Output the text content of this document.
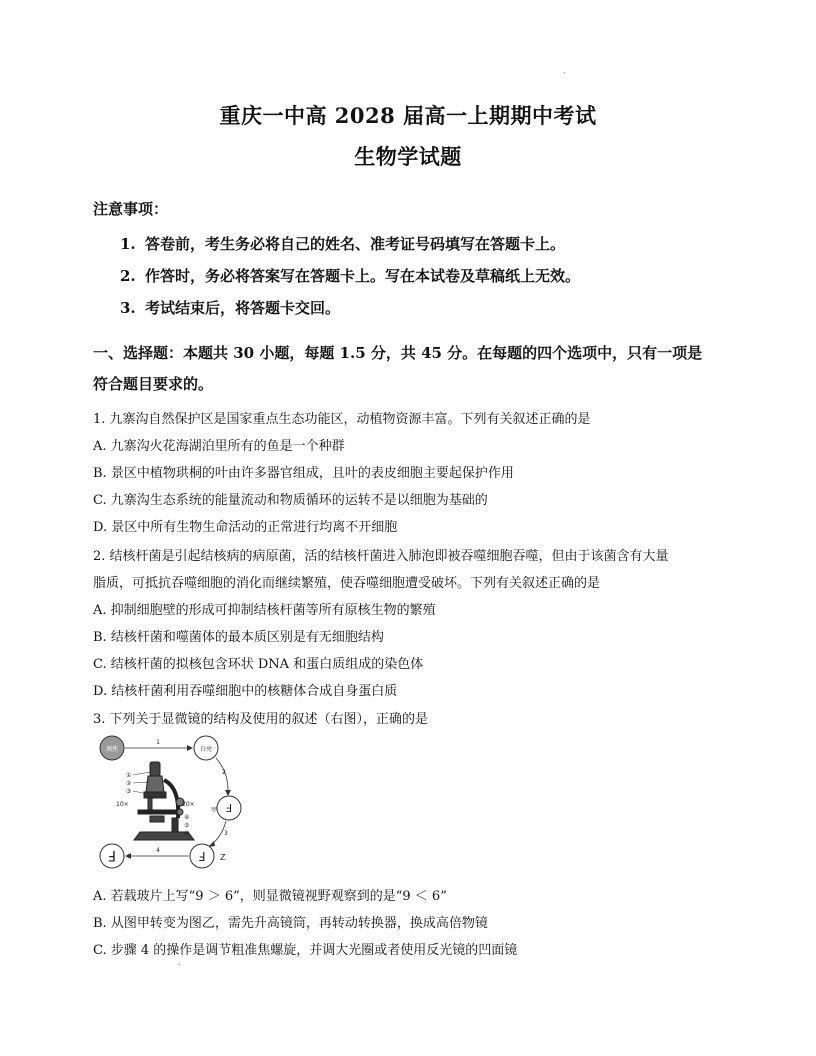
.
重庆一中高 2028 届高一上期期中考试
生物学试题
注意事项：
1. 答卷前，考生务必将自己的姓名、准考证号码填写在答题卡上。
2. 作答时，务必将答案写在答题卡上。写在本试卷及草稿纸上无效。
3. 考试结束后，将答题卡交回。
一、选择题：本题共 30 小题，每题 1.5 分，共 45 分。在每题的四个选项中，只有一项是
符合题目要求的。
1. 九寨沟自然保护区是国家重点生态功能区，动植物资源丰富。下列有关叙述正确的是
A. 九寨沟火花海湖泊里所有的鱼是一个种群
B. 景区中植物珙桐的叶由许多器官组成，且叶的表皮细胞主要起保护作用
C. 九寨沟生态系统的能量流动和物质循环的运转不是以细胞为基础的
D. 景区中所有生物生命活动的正常进行均离不开细胞
2. 结核杆菌是引起结核病的病原菌，活的结核杆菌进入肺泡即被吞噬细胞吞噬，但由于该菌含有大量
脂质，可抵抗吞噬细胞的消化而继续繁殖，使吞噬细胞遭受破坏。下列有关叙述正确的是
A. 抑制细胞壁的形成可抑制结核杆菌等所有原核生物的繁殖
B. 结核杆菌和噬菌体的最本质区别是有无细胞结构
C. 结核杆菌的拟核包含环状 DNA 和蛋白质组成的染色体
D. 结核杆菌利用吞噬细胞中的核糖体合成自身蛋白质
3. 下列关于显微镜的结构及使用的叙述（右图），正确的是
调焦
1
白亮
2
F
甲
3
F Z
4
F
①
②
③
④
⑤
⑥
10×	20×
A. 若载玻片上写“9 ＞ 6”，则显微镜视野观察到的是“9 ＜ 6”
B. 从图甲转变为图乙，需先升高镜筒，再转动转换器，换成高倍物镜
C. 步骤 4 的操作是调节粗准焦螺旋，并调大光圈或者使用反光镜的凹面镜
.
